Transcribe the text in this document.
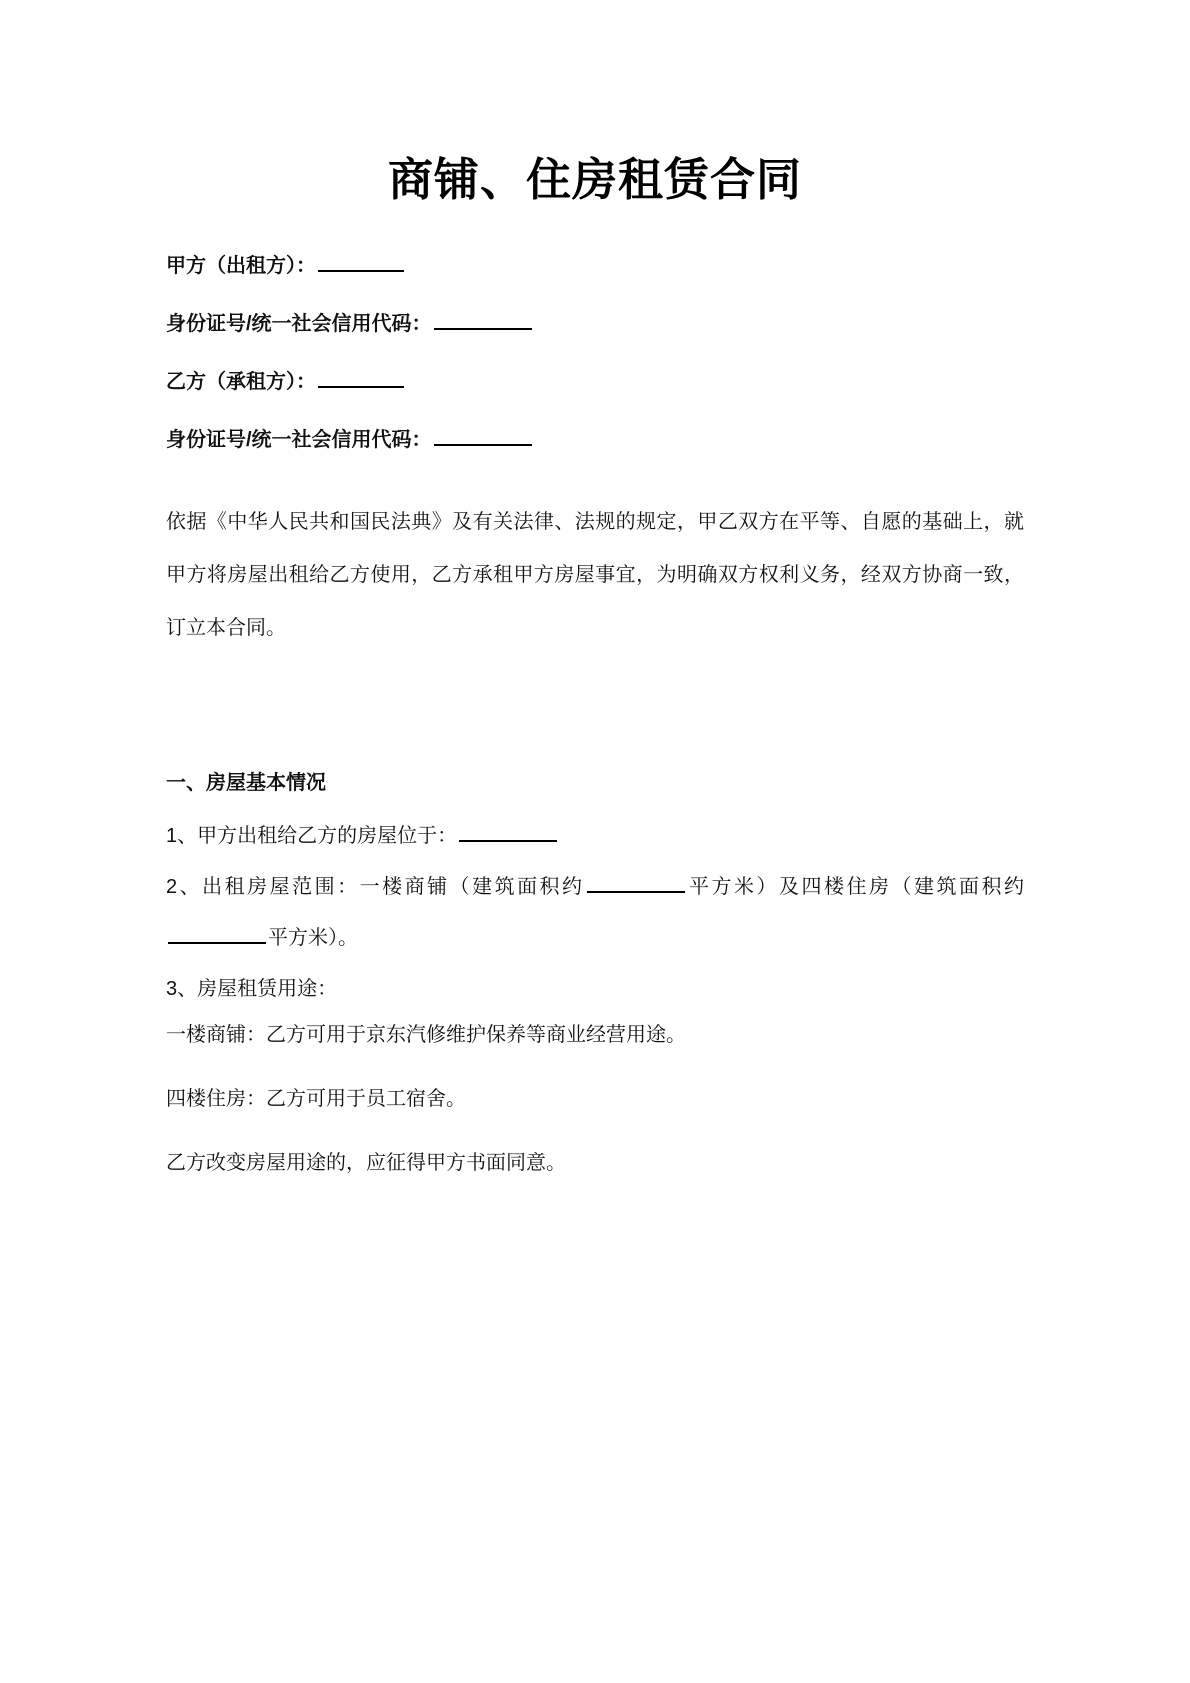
商铺、住房租赁合同

甲方（出租方）：

身份证号/统一社会信用代码：

乙方（承租方）：

身份证号/统一社会信用代码：

依据《中华人民共和国民法典》及有关法律、法规的规定，甲乙双方在平等、自愿的基础上，就甲方将房屋出租给乙方使用，乙方承租甲方房屋事宜，为明确双方权利义务，经双方协商一致，订立本合同。

一、房屋基本情况

1、甲方出租给乙方的房屋位于：

2、出租房屋范围：一楼商铺（建筑面积约	平方米）及四楼住房（建筑面积约平方米）。

3、房屋租赁用途：

一楼商铺：乙方可用于京东汽修维护保养等商业经营用途。

四楼住房：乙方可用于员工宿舍。

乙方改变房屋用途的，应征得甲方书面同意。
